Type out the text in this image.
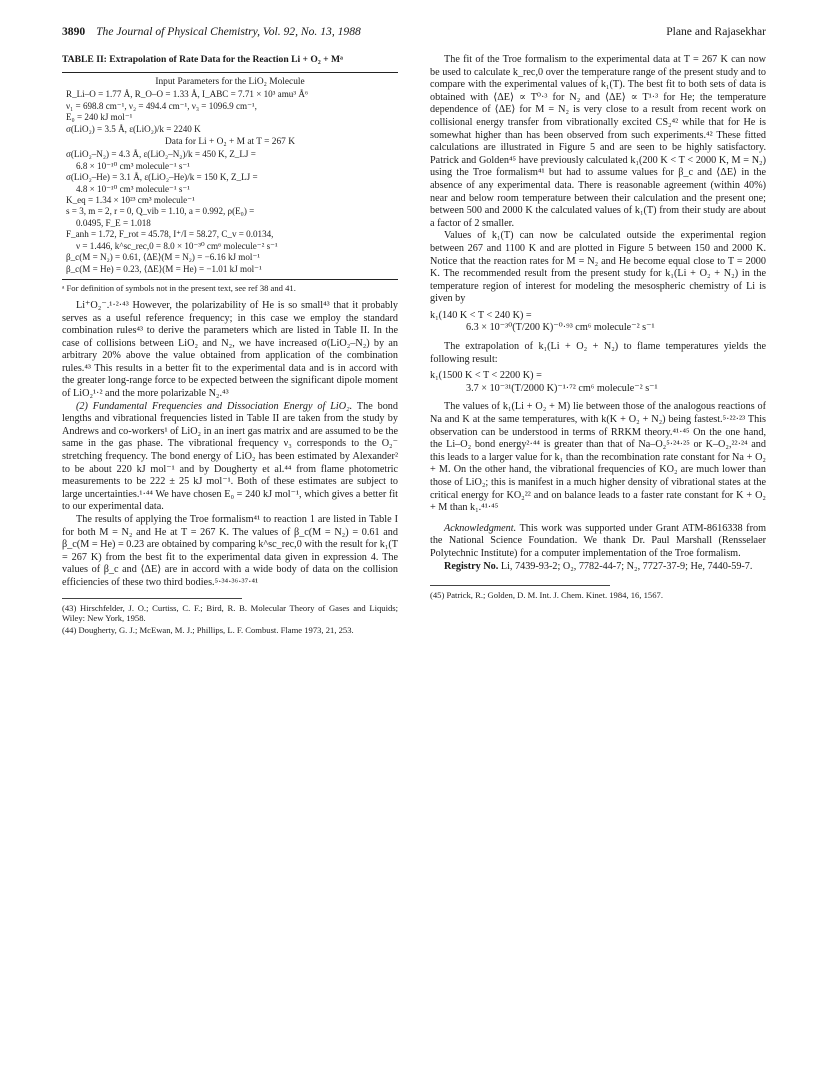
3890 The Journal of Physical Chemistry, Vol. 92, No. 13, 1988	Plane and Rajasekhar

TABLE II: Extrapolation of Rate Data for the Reaction Li + O₂ + Mᵃ

Input Parameters for the LiO₂ Molecule
R_Li–O = 1.77 Å, R_O–O = 1.33 Å, I_ABC = 7.71 × 10³ amu³ Å⁶
ν₁ = 698.8 cm⁻¹, ν₂ = 494.4 cm⁻¹, ν₃ = 1096.9 cm⁻¹,
E₀ = 240 kJ mol⁻¹
σ(LiO₂) = 3.5 Å, ε(LiO₂)/k = 2240 K
Data for Li + O₂ + M at T = 267 K
σ(LiO₂–N₂) = 4.3 Å, ε(LiO₂–N₂)/k = 450 K, Z_LJ =
6.8 × 10⁻¹⁰ cm³ molecule⁻¹ s⁻¹
σ(LiO₂–He) = 3.1 Å, ε(LiO₂–He)/k = 150 K, Z_LJ =
4.8 × 10⁻¹⁰ cm³ molecule⁻¹ s⁻¹
K_eq = 1.34 × 10²³ cm³ molecule⁻¹
s = 3, m = 2, r = 0, Q_vib = 1.10, a = 0.992, ρ(E₀) =
0.0495, F_E = 1.018
F_anh = 1.72, F_rot = 45.78, I⁺/I = 58.27, C_v = 0.0134,
ν = 1.446, k^sc_rec,0 = 8.0 × 10⁻³⁰ cm⁶ molecule⁻² s⁻¹
β_c(M = N₂) = 0.61, ⟨ΔE⟩(M = N₂) = −6.16 kJ mol⁻¹
β_c(M = He) = 0.23, ⟨ΔE⟩(M = He) = −1.01 kJ mol⁻¹

ᵃ For definition of symbols not in the present text, see ref 38 and 41.

Li⁺O₂⁻.¹·²·⁴³ However, the polarizability of He is so small⁴³ that it probably serves as a useful reference frequency; in this case we employ the standard combination rules⁴³ to derive the parameters which are listed in Table II. In the case of collisions between LiO₂ and N₂, we have increased σ(LiO₂–N₂) by an arbitrary 20% above the value obtained from application of the combination rules.⁴³ This results in a better fit to the experimental data and is in accord with the greater long-range force to be expected between the significant dipole moment of LiO₂¹·² and the more polarizable N₂.⁴³

(2) Fundamental Frequencies and Dissociation Energy of LiO₂. The bond lengths and vibrational frequencies listed in Table II are taken from the study by Andrews and co-workers¹ of LiO₂ in an inert gas matrix and are assumed to be the same in the gas phase. The vibrational frequency ν₃ corresponds to the O₂⁻ stretching frequency. The bond energy of LiO₂ has been estimated by Alexander² to be about 220 kJ mol⁻¹ and by Dougherty et al.⁴⁴ from flame photometric measurements to be 222 ± 25 kJ mol⁻¹. Both of these estimates are subject to large uncertainties.¹·⁴⁴ We have chosen E₀ = 240 kJ mol⁻¹, which gives a better fit to our experimental data.

The results of applying the Troe formalism⁴¹ to reaction 1 are listed in Table I for both M = N₂ and He at T = 267 K. The values of β_c(M = N₂) = 0.61 and β_c(M = He) = 0.23 are obtained by comparing k^sc_rec,0 with the result for k₁(T = 267 K) from the best fit to the experimental data given in expression 4. The values of β_c and ⟨ΔE⟩ are in accord with a wide body of data on the collision efficiencies of these two third bodies.⁵·³⁴·³⁶·³⁷·⁴¹

(43) Hirschfelder, J. O.; Curtiss, C. F.; Bird, R. B. Molecular Theory of Gases and Liquids; Wiley: New York, 1958.

(44) Dougherty, G. J.; McEwan, M. J.; Phillips, L. F. Combust. Flame 1973, 21, 253.

The fit of the Troe formalism to the experimental data at T = 267 K can now be used to calculate k_rec,0 over the temperature range of the present study and to compare with the experimental values of k₁(T). The best fit to both sets of data is obtained with ⟨ΔE⟩ ∝ T⁰·³ for N₂ and ⟨ΔE⟩ ∝ T¹·³ for He; the temperature dependence of ⟨ΔE⟩ for M = N₂ is very close to a result from recent work on collisional energy transfer from vibrationally excited CS₂⁴² while that for He is somewhat higher than has been observed from such experiments.⁴² These fitted calculations are illustrated in Figure 5 and are seen to be highly satisfactory. Patrick and Golden⁴⁵ have previously calculated k₁(200 K < T < 2000 K, M = N₂) using the Troe formalism⁴¹ but had to assume values for β_c and ⟨ΔE⟩ in the absence of any experimental data. There is reasonable agreement (within 40%) near and below room temperature between their calculation and the present one; between 500 and 2000 K the calculated values of k₁(T) from their study are about a factor of 2 smaller.

Values of k₁(T) can now be calculated outside the experimental region between 267 and 1100 K and are plotted in Figure 5 between 150 and 2000 K. Notice that the reaction rates for M = N₂ and He become equal close to T = 2000 K. The recommended result from the present study for k₁(Li + O₂ + N₂) in the temperature region of interest for modeling the mesospheric chemistry of Li is given by

k₁(140 K < T < 240 K) =
6.3 × 10⁻³⁰(T/200 K)⁻⁰·⁹³ cm⁶ molecule⁻² s⁻¹

The extrapolation of k₁(Li + O₂ + N₂) to flame temperatures yields the following result:

k₁(1500 K < T < 2200 K) =
3.7 × 10⁻³¹(T/2000 K)⁻¹·⁷² cm⁶ molecule⁻² s⁻¹

The values of k₁(Li + O₂ + M) lie between those of the analogous reactions of Na and K at the same temperatures, with k(K + O₂ + N₂) being fastest.⁵·²²·²³ This observation can be understood in terms of RRKM theory.⁴¹·⁴⁵ On the one hand, the Li–O₂ bond energy²·⁴⁴ is greater than that of Na–O₂⁵·²⁴·²⁵ or K–O₂,²²·²⁴ and this leads to a larger value for k₁ than the recombination rate constant for Na + O₂ + M. On the other hand, the vibrational frequencies of KO₂ are much lower than those of LiO₂; this is manifest in a much higher density of vibrational states at the critical energy for KO₂²² and on balance leads to a faster rate constant for K + O₂ + M than k₁.⁴¹·⁴⁵

Acknowledgment. This work was supported under Grant ATM-8616338 from the National Science Foundation. We thank Dr. Paul Marshall (Rensselaer Polytechnic Institute) for a computer implementation of the Troe formalism.

Registry No. Li, 7439-93-2; O₂, 7782-44-7; N₂, 7727-37-9; He, 7440-59-7.

(45) Patrick, R.; Golden, D. M. Int. J. Chem. Kinet. 1984, 16, 1567.
